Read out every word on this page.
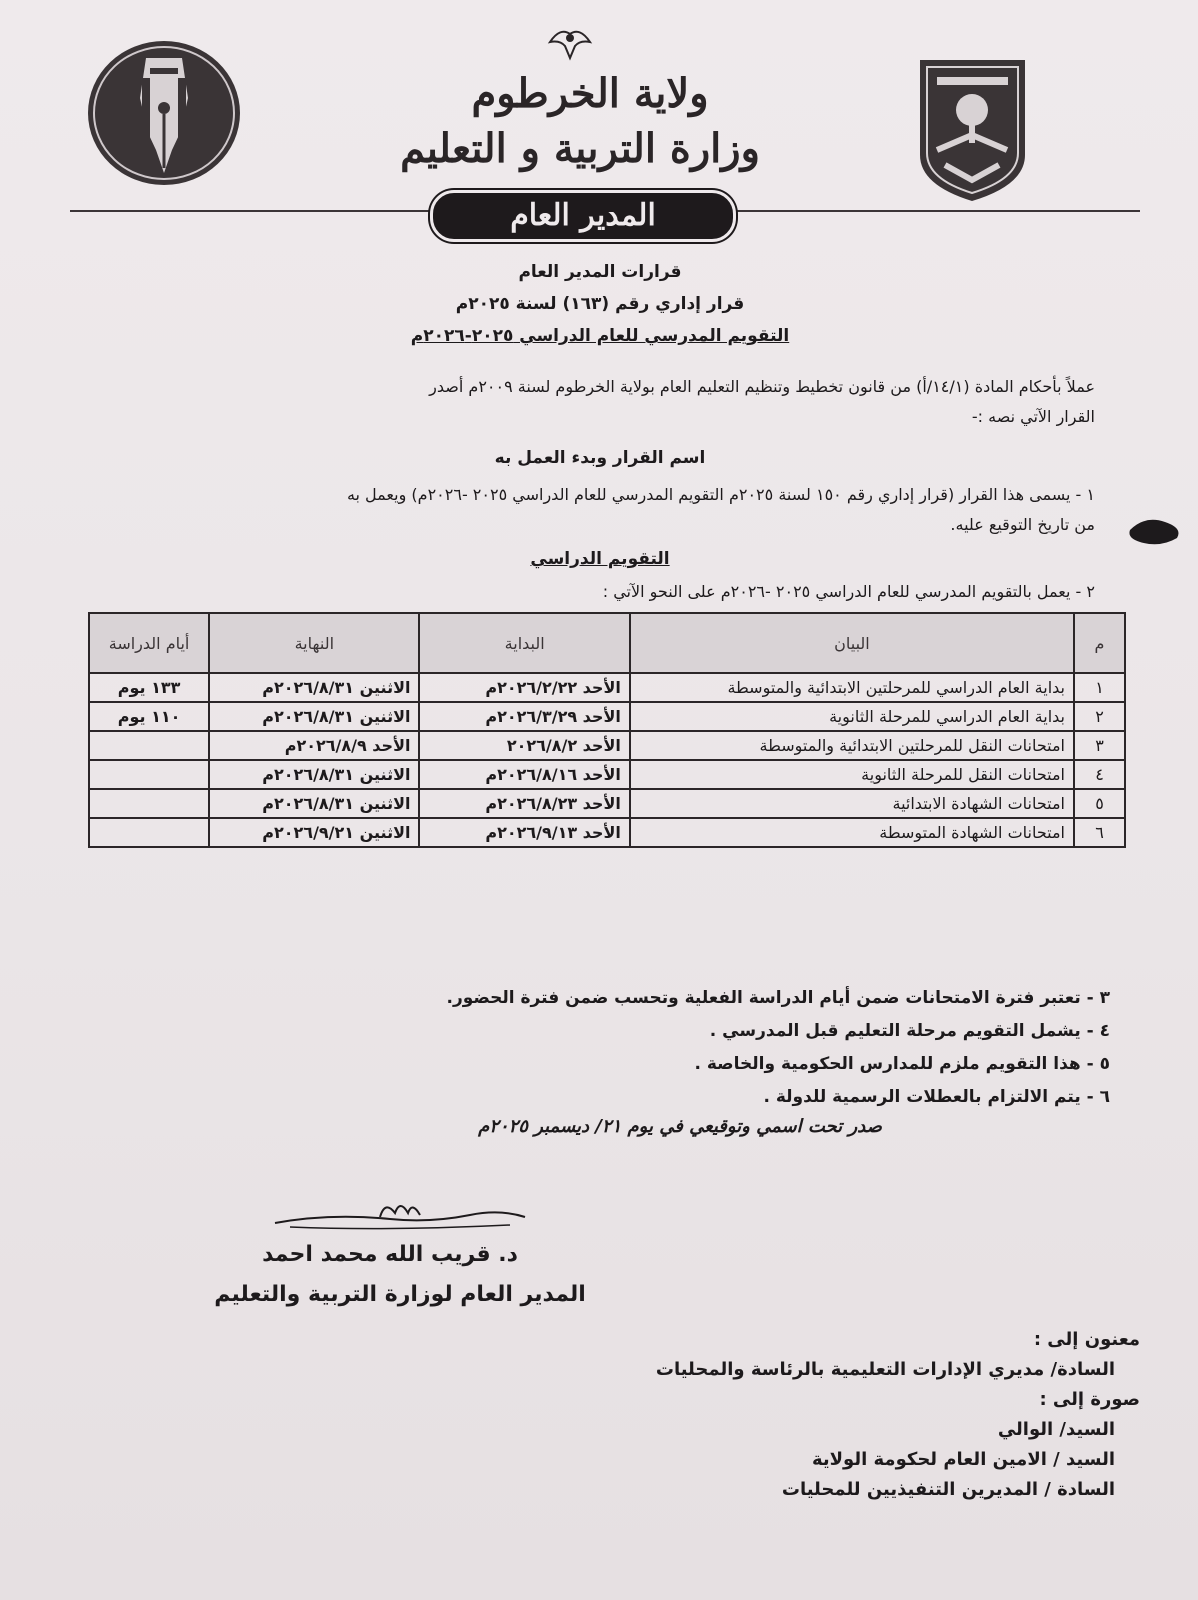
ولاية الخرطوم
وزارة التربية و التعليم
المدير العام
قرارات المدير العام
قرار إداري رقم (١٦٣) لسنة ٢٠٢٥م
التقويم المدرسي للعام الدراسي ٢٠٢٥-٢٠٢٦م
عملاً بأحكام المادة (١٤/١/أ) من قانون تخطيط وتنظيم التعليم العام بولاية الخرطوم لسنة ٢٠٠٩م أصدر
القرار الآتي نصه :-
اسم القرار وبدء العمل به
١ - يسمى هذا القرار (قرار إداري رقم ١٥٠ لسنة ٢٠٢٥م التقويم المدرسي للعام الدراسي ٢٠٢٥ -٢٠٢٦م) ويعمل به
من تاريخ التوقيع عليه.
التقويم الدراسي
٢ - يعمل بالتقويم المدرسي للعام الدراسي ٢٠٢٥ -٢٠٢٦م على النحو الآتي :
م	البيان	البداية	النهاية	أيام الدراسة
١	بداية العام الدراسي للمرحلتين الابتدائية والمتوسطة	الأحد ٢٠٢٦/٢/٢٢م	الاثنين ٢٠٢٦/٨/٣١م	١٣٣ يوم
٢	بداية العام الدراسي للمرحلة الثانوية	الأحد ٢٠٢٦/٣/٢٩م	الاثنين ٢٠٢٦/٨/٣١م	١١٠ يوم
٣	امتحانات النقل للمرحلتين الابتدائية والمتوسطة	الأحد ٢٠٢٦/٨/٢	الأحد ٢٠٢٦/٨/٩م	
٤	امتحانات النقل للمرحلة الثانوية	الأحد ٢٠٢٦/٨/١٦م	الاثنين ٢٠٢٦/٨/٣١م	
٥	امتحانات الشهادة الابتدائية	الأحد ٢٠٢٦/٨/٢٣م	الاثنين ٢٠٢٦/٨/٣١م	
٦	امتحانات الشهادة المتوسطة	الأحد ٢٠٢٦/٩/١٣م	الاثنين ٢٠٢٦/٩/٢١م	
٣ - تعتبر فترة الامتحانات ضمن أيام الدراسة الفعلية وتحسب ضمن فترة الحضور.
٤ - يشمل التقويم مرحلة التعليم قبل المدرسي .
٥ - هذا التقويم ملزم للمدارس الحكومية والخاصة .
٦ - يتم الالتزام بالعطلات الرسمية للدولة .
صدر تحت اسمي وتوقيعي في يوم ٢١/ ديسمبر ٢٠٢٥م
د. قريب الله محمد احمد
المدير العام لوزارة التربية والتعليم
معنون إلى :
السادة/ مديري الإدارات التعليمية بالرئاسة والمحليات
صورة إلى :
السيد/ الوالي
السيد / الامين العام لحكومة الولاية
السادة / المديرين التنفيذيين للمحليات
